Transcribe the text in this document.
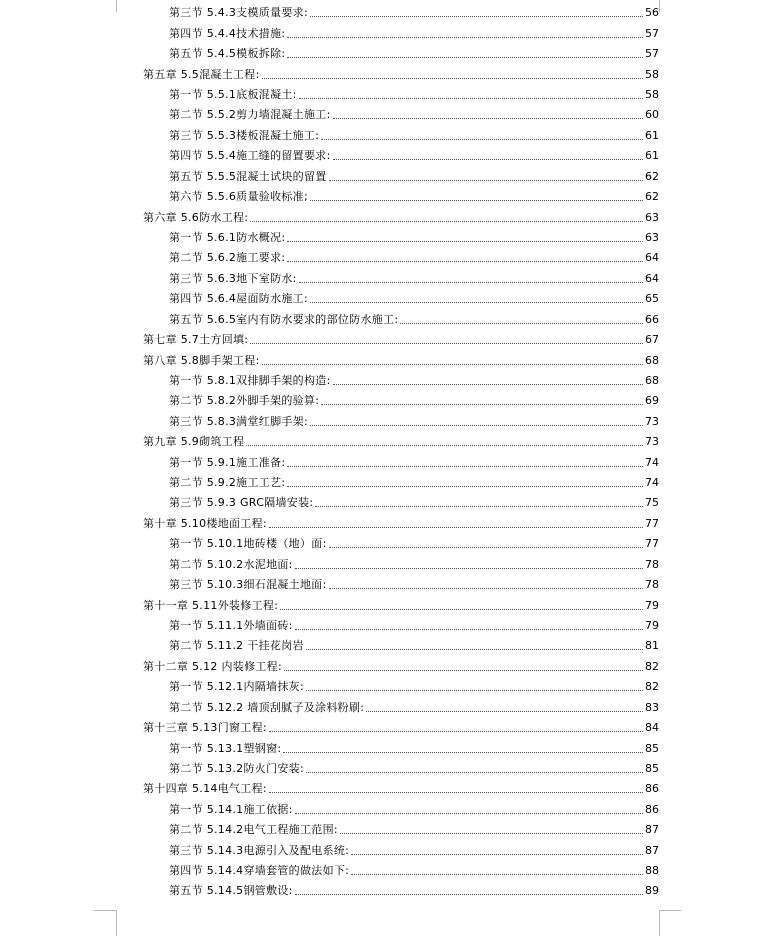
第三节 5.4.3支模质量要求:	56
第四节 5.4.4技术措施:	57
第五节 5.4.5模板拆除:	57
第五章 5.5混凝土工程:	58
第一节 5.5.1底板混凝土:	58
第二节 5.5.2剪力墙混凝土施工:	60
第三节 5.5.3楼板混凝土施工:	61
第四节 5.5.4施工缝的留置要求:	61
第五节 5.5.5混凝土试块的留置	62
第六节 5.5.6质量验收标准;	62
第六章 5.6防水工程:	63
第一节 5.6.1防水概况:	63
第二节 5.6.2施工要求:	64
第三节 5.6.3地下室防水:	64
第四节 5.6.4屋面防水施工:	65
第五节 5.6.5室内有防水要求的部位防水施工:	66
第七章 5.7土方回填:	67
第八章 5.8脚手架工程:	68
第一节 5.8.1双排脚手架的构造:	68
第二节 5.8.2外脚手架的验算:	69
第三节 5.8.3满堂红脚手架:	73
第九章 5.9砌筑工程	73
第一节 5.9.1施工准备:	74
第二节 5.9.2施工工艺:	74
第三节 5.9.3 GRC隔墙安装:	75
第十章 5.10楼地面工程:	77
第一节 5.10.1地砖楼（地）面:	77
第二节 5.10.2水泥地面:	78
第三节 5.10.3细石混凝土地面:	78
第十一章 5.11外装修工程:	79
第一节 5.11.1外墙面砖:	79
第二节 5.11.2 干挂花岗岩	81
第十二章 5.12 内装修工程:	82
第一节 5.12.1内隔墙抹灰:	82
第二节 5.12.2 墙顶刮腻子及涂料粉刷:	83
第十三章 5.13门窗工程:	84
第一节 5.13.1塑钢窗:	85
第二节 5.13.2防火门安装:	85
第十四章 5.14电气工程:	86
第一节 5.14.1施工依据:	86
第二节 5.14.2电气工程施工范围:	87
第三节 5.14.3电源引入及配电系统:	87
第四节 5.14.4穿墙套管的做法如下:	88
第五节 5.14.5钢管敷设:	89
